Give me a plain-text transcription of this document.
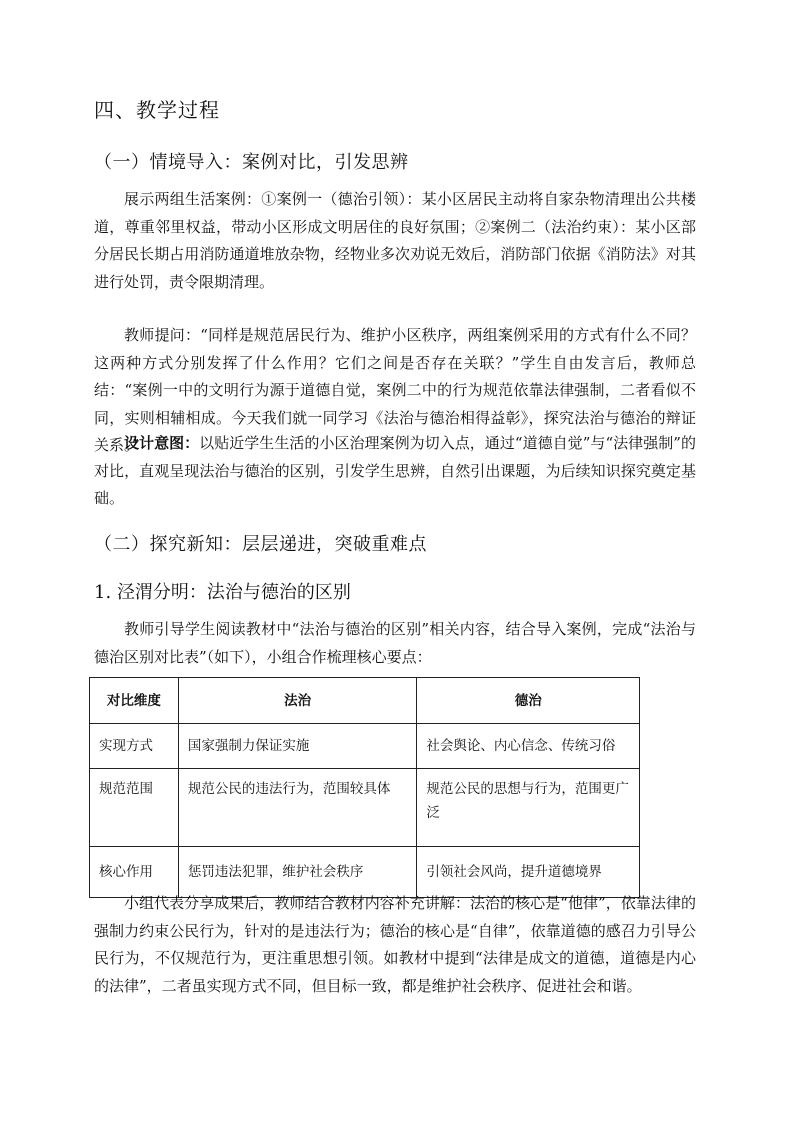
四、教学过程
（一）情境导入：案例对比，引发思辨

展示两组生活案例：①案例一（德治引领）：某小区居民主动将自家杂物清理出公共楼道，尊重邻里权益，带动小区形成文明居住的良好氛围；②案例二（法治约束）：某小区部分居民长期占用消防通道堆放杂物，经物业多次劝说无效后，消防部门依据《消防法》对其进行处罚，责令限期清理。

教师提问：“同样是规范居民行为、维护小区秩序，两组案例采用的方式有什么不同？这两种方式分别发挥了什么作用？它们之间是否存在关联？”学生自由发言后，教师总结：“案例一中的文明行为源于道德自觉，案例二中的行为规范依靠法律强制，二者看似不同，实则相辅相成。今天我们就一同学习《法治与德治相得益彰》，探究法治与德治的辩证关系。”

设计意图：以贴近学生生活的小区治理案例为切入点，通过“道德自觉”与“法律强制”的对比，直观呈现法治与德治的区别，引发学生思辨，自然引出课题，为后续知识探究奠定基础。

（二）探究新知：层层递进，突破重难点
1. 泾渭分明：法治与德治的区别

教师引导学生阅读教材中“法治与德治的区别”相关内容，结合导入案例，完成“法治与德治区别对比表”（如下），小组合作梳理核心要点：

对比维度	法治	德治
实现方式	国家强制力保证实施	社会舆论、内心信念、传统习俗
规范范围	规范公民的违法行为，范围较具体	规范公民的思想与行为，范围更广泛
核心作用	惩罚违法犯罪，维护社会秩序	引领社会风尚，提升道德境界

小组代表分享成果后，教师结合教材内容补充讲解：法治的核心是“他律”，依靠法律的强制力约束公民行为，针对的是违法行为；德治的核心是“自律”，依靠道德的感召力引导公民行为，不仅规范行为，更注重思想引领。如教材中提到“法律是成文的道德，道德是内心的法律”，二者虽实现方式不同，但目标一致，都是维护社会秩序、促进社会和谐。
